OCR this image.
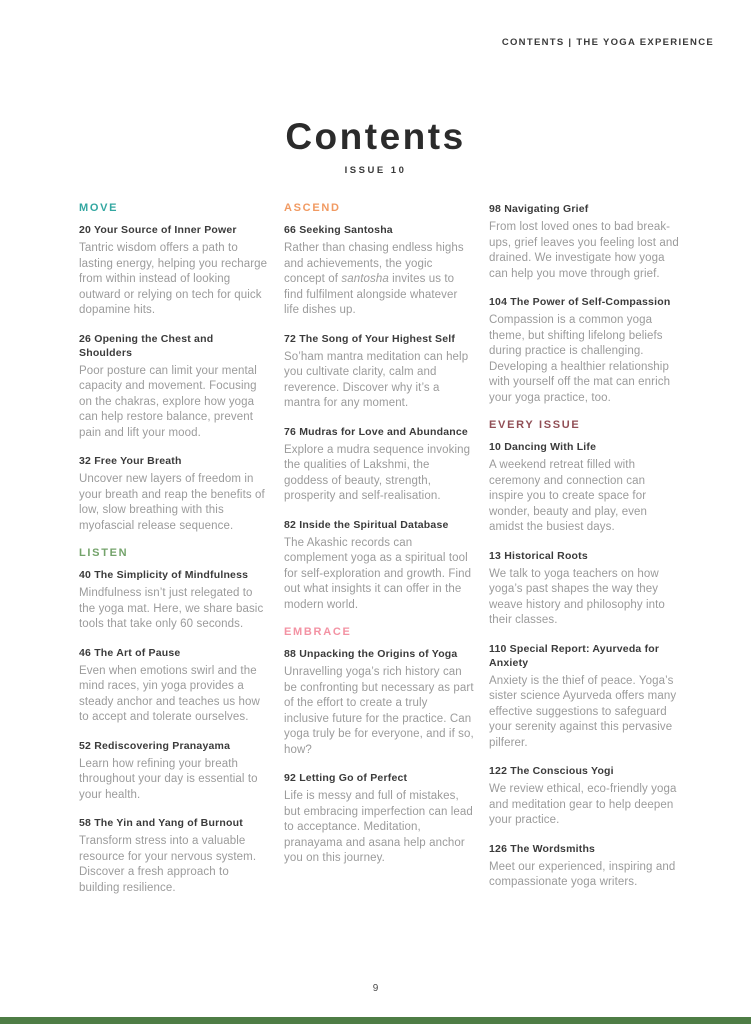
CONTENTS | THE YOGA EXPERIENCE
Contents
ISSUE 10
MOVE
20 Your Source of Inner Power
Tantric wisdom offers a path to lasting energy, helping you recharge from within instead of looking outward or relying on tech for quick dopamine hits.
26 Opening the Chest and Shoulders
Poor posture can limit your mental capacity and movement. Focusing on the chakras, explore how yoga can help restore balance, prevent pain and lift your mood.
32 Free Your Breath
Uncover new layers of freedom in your breath and reap the benefits of low, slow breathing with this myofascial release sequence.
LISTEN
40 The Simplicity of Mindfulness
Mindfulness isn’t just relegated to the yoga mat. Here, we share basic tools that take only 60 seconds.
46 The Art of Pause
Even when emotions swirl and the mind races, yin yoga provides a steady anchor and teaches us how to accept and tolerate ourselves.
52 Rediscovering Pranayama
Learn how refining your breath throughout your day is essential to your health.
58 The Yin and Yang of Burnout
Transform stress into a valuable resource for your nervous system. Discover a fresh approach to building resilience.
ASCEND
66 Seeking Santosha
Rather than chasing endless highs and achievements, the yogic concept of santosha invites us to find fulfilment alongside whatever life dishes up.
72 The Song of Your Highest Self
So’ham mantra meditation can help you cultivate clarity, calm and reverence. Discover why it’s a mantra for any moment.
76 Mudras for Love and Abundance
Explore a mudra sequence invoking the qualities of Lakshmi, the goddess of beauty, strength, prosperity and self-realisation.
82 Inside the Spiritual Database
The Akashic records can complement yoga as a spiritual tool for self-exploration and growth. Find out what insights it can offer in the modern world.
EMBRACE
88 Unpacking the Origins of Yoga
Unravelling yoga’s rich history can be confronting but necessary as part of the effort to create a truly inclusive future for the practice. Can yoga truly be for everyone, and if so, how?
92 Letting Go of Perfect
Life is messy and full of mistakes, but embracing imperfection can lead to acceptance. Meditation, pranayama and asana help anchor you on this journey.
98 Navigating Grief
From lost loved ones to bad break-ups, grief leaves you feeling lost and drained. We investigate how yoga can help you move through grief.
104 The Power of Self-Compassion
Compassion is a common yoga theme, but shifting lifelong beliefs during practice is challenging. Developing a healthier relationship with yourself off the mat can enrich your yoga practice, too.
EVERY ISSUE
10 Dancing With Life
A weekend retreat filled with ceremony and connection can inspire you to create space for wonder, beauty and play, even amidst the busiest days.
13 Historical Roots
We talk to yoga teachers on how yoga’s past shapes the way they weave history and philosophy into their classes.
110 Special Report: Ayurveda for Anxiety
Anxiety is the thief of peace. Yoga’s sister science Ayurveda offers many effective suggestions to safeguard your serenity against this pervasive pilferer.
122 The Conscious Yogi
We review ethical, eco-friendly yoga and meditation gear to help deepen your practice.
126 The Wordsmiths
Meet our experienced, inspiring and compassionate yoga writers.
9
